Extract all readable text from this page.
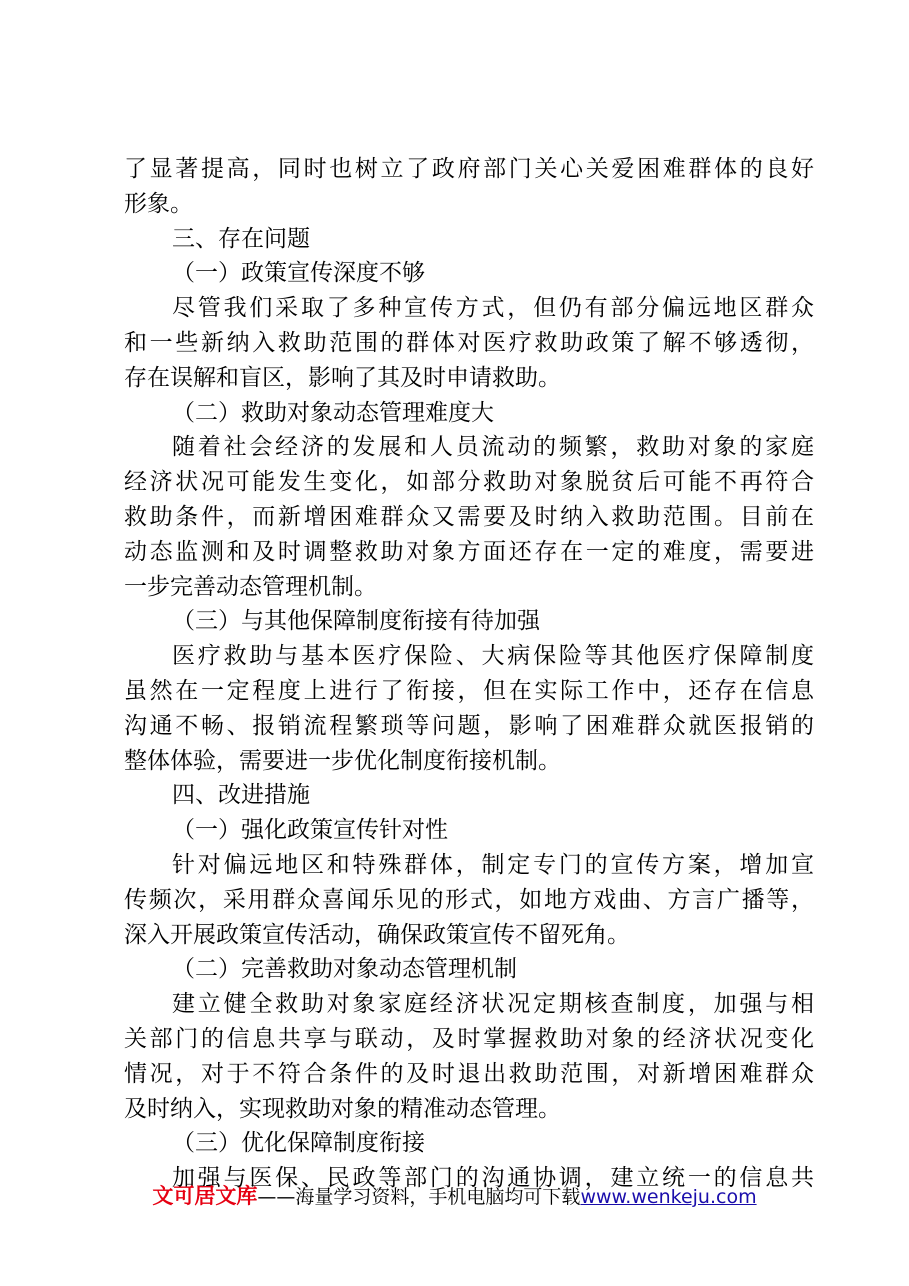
了显著提高，同时也树立了政府部门关心关爱困难群体的良好
形象。
三、存在问题
（一）政策宣传深度不够
尽管我们采取了多种宣传方式，但仍有部分偏远地区群众
和一些新纳入救助范围的群体对医疗救助政策了解不够透彻，
存在误解和盲区，影响了其及时申请救助。
（二）救助对象动态管理难度大
随着社会经济的发展和人员流动的频繁，救助对象的家庭
经济状况可能发生变化，如部分救助对象脱贫后可能不再符合
救助条件，而新增困难群众又需要及时纳入救助范围。目前在
动态监测和及时调整救助对象方面还存在一定的难度，需要进
一步完善动态管理机制。
（三）与其他保障制度衔接有待加强
医疗救助与基本医疗保险、大病保险等其他医疗保障制度
虽然在一定程度上进行了衔接，但在实际工作中，还存在信息
沟通不畅、报销流程繁琐等问题，影响了困难群众就医报销的
整体体验，需要进一步优化制度衔接机制。
四、改进措施
（一）强化政策宣传针对性
针对偏远地区和特殊群体，制定专门的宣传方案，增加宣
传频次，采用群众喜闻乐见的形式，如地方戏曲、方言广播等，
深入开展政策宣传活动，确保政策宣传不留死角。
（二）完善救助对象动态管理机制
建立健全救助对象家庭经济状况定期核查制度，加强与相
关部门的信息共享与联动，及时掌握救助对象的经济状况变化
情况，对于不符合条件的及时退出救助范围，对新增困难群众
及时纳入，实现救助对象的精准动态管理。
（三）优化保障制度衔接
加强与医保、民政等部门的沟通协调，建立统一的信息共
文可居文库——海量学习资料，手机电脑均可下载www.wenkeju.com
